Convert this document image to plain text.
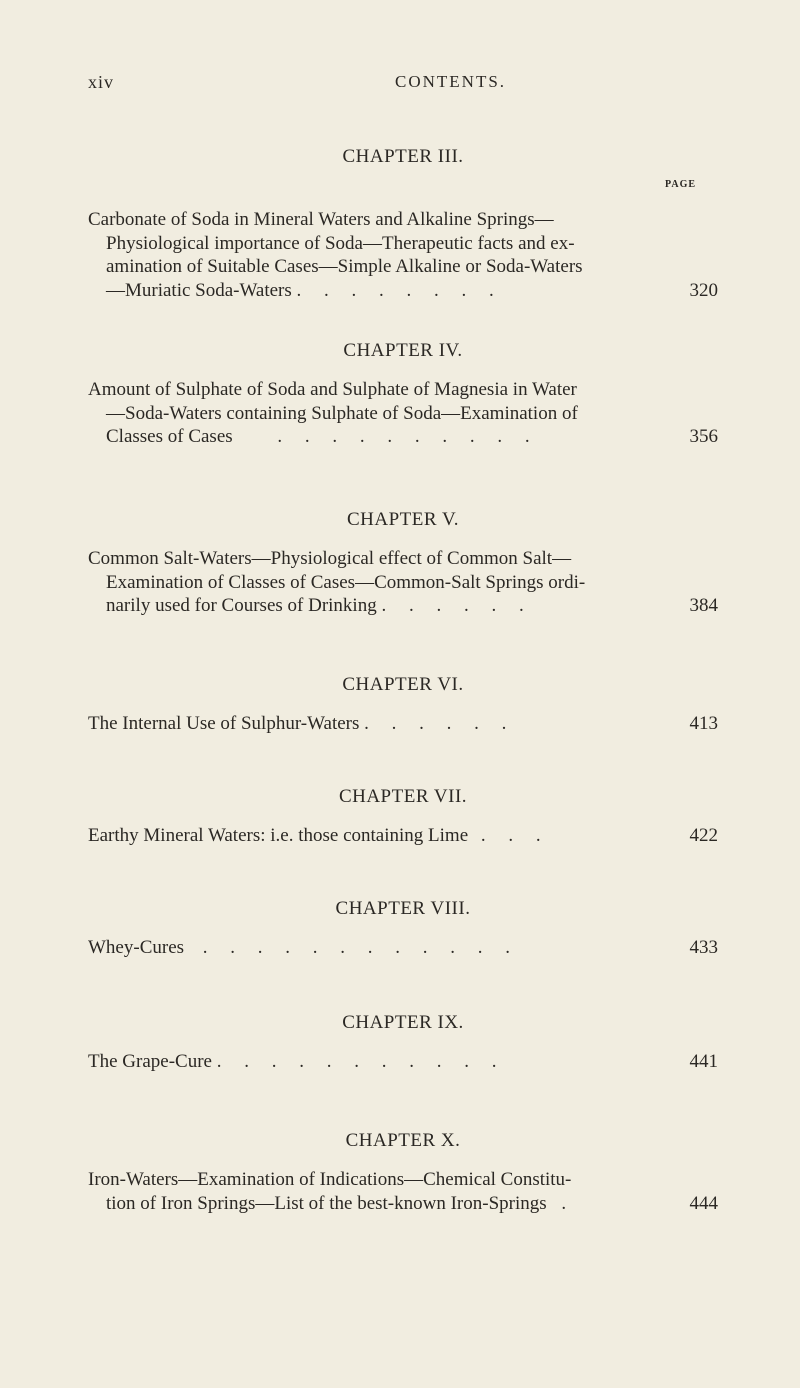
xiv	CONTENTS.
PAGE
CHAPTER III.
Carbonate of Soda in Mineral Waters and Alkaline Springs—
Physiological importance of Soda—Therapeutic facts and ex-
amination of Suitable Cases—Simple Alkaline or Soda-Waters
—Muriatic Soda-Waters . . . . . . . .	320
CHAPTER IV.
Amount of Sulphate of Soda and Sulphate of Magnesia in Water
—Soda-Waters containing Sulphate of Soda—Examination of
Classes of Cases . . . . . . . . . .	356
CHAPTER V.
Common Salt-Waters—Physiological effect of Common Salt—
Examination of Classes of Cases—Common-Salt Springs ordi-
narily used for Courses of Drinking . . . . . .	384
CHAPTER VI.
The Internal Use of Sulphur-Waters . . . . . .	413
CHAPTER VII.
Earthy Mineral Waters: i.e. those containing Lime . . .	422
CHAPTER VIII.
Whey-Cures . . . . . . . . . . . .	433
CHAPTER IX.
The Grape-Cure . . . . . . . . . . .	441
CHAPTER X.
Iron-Waters—Examination of Indications—Chemical Constitu-
tion of Iron Springs—List of the best-known Iron-Springs .	444
